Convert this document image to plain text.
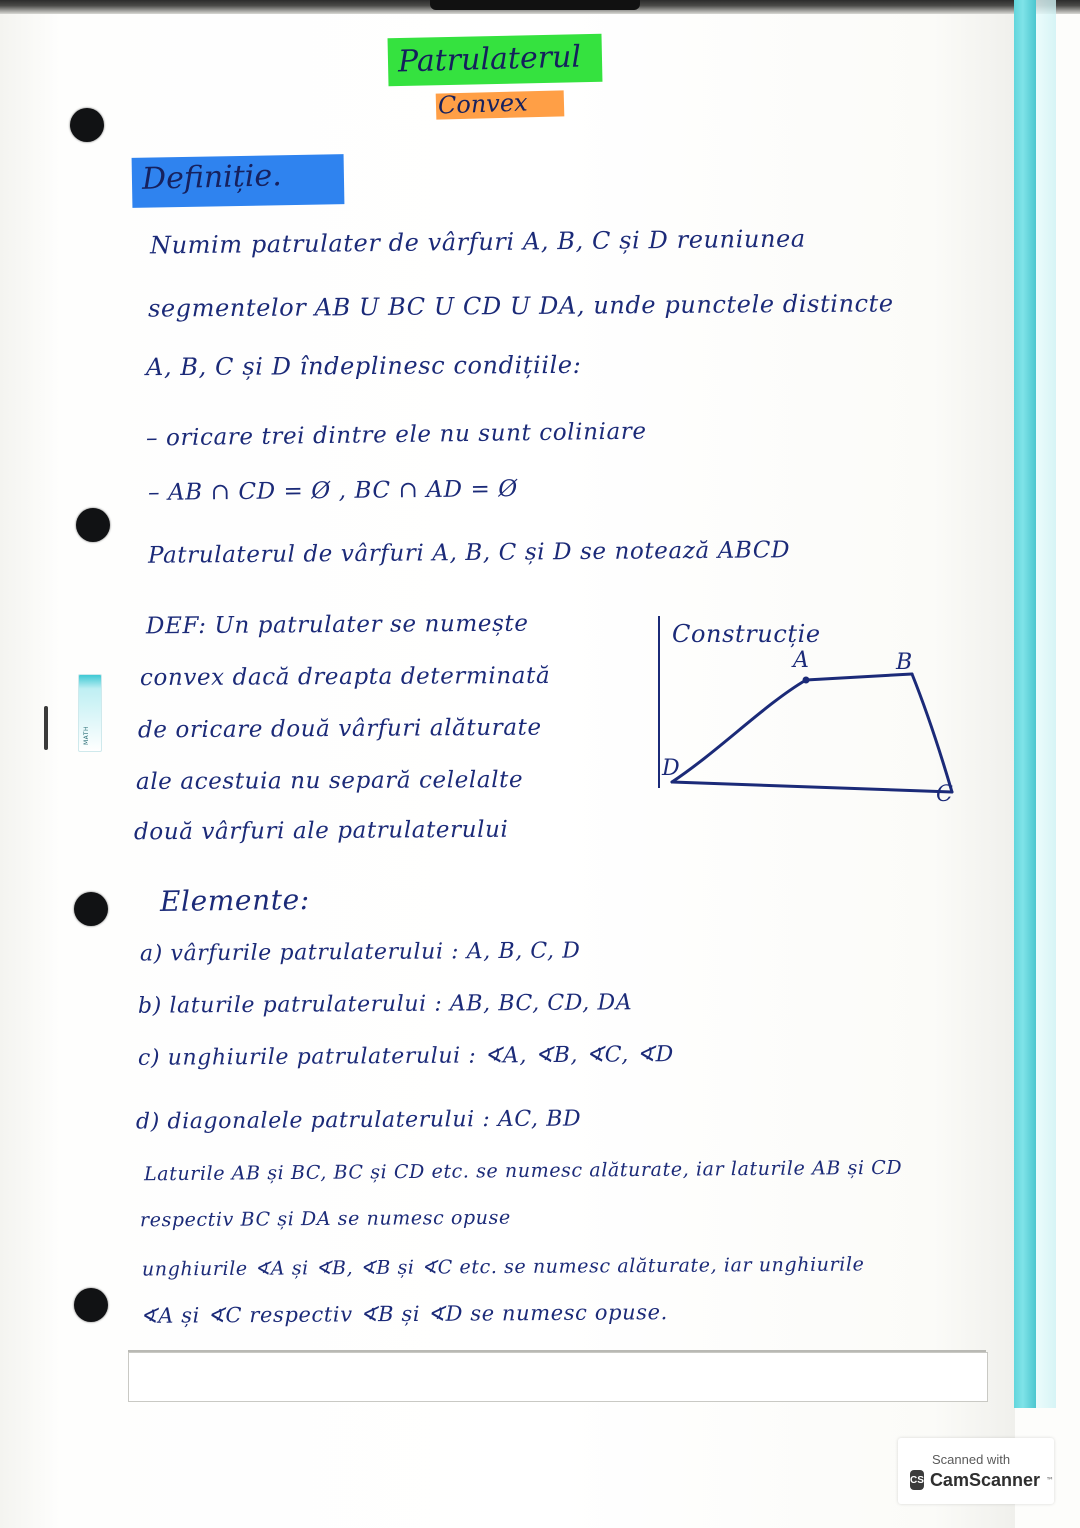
MATH
Patrulaterul
Convex
Definiție.
Numim patrulater de vârfuri A, B, C și D reuniunea
segmentelor AB U BC U CD U DA, unde punctele distincte
A, B, C și D îndeplinesc condițiile:
– oricare trei dintre ele nu sunt coliniare
– AB ∩ CD = Ø , BC ∩ AD = Ø
Patrulaterul de vârfuri A, B, C și D se notează ABCD
DEF: Un patrulater se numește
convex dacă dreapta determinată
de oricare două vârfuri alăturate
ale acestuia nu separă celelalte
două vârfuri ale patrulaterului
Construcție
A	B
C
D
Elemente:
a) vârfurile patrulaterului : A, B, C, D
b) laturile patrulaterului : AB, BC, CD, DA
c) unghiurile patrulaterului : ∢A, ∢B, ∢C, ∢D
d) diagonalele patrulaterului : AC, BD
Laturile AB și BC, BC și CD etc. se numesc alăturate, iar laturile AB și CD
respectiv BC și DA se numesc opuse
unghiurile ∢A și ∢B, ∢B și ∢C etc. se numesc alăturate, iar unghiurile
∢A și ∢C respectiv ∢B și ∢D se numesc opuse.
Scanned with
CS CamScanner ™
